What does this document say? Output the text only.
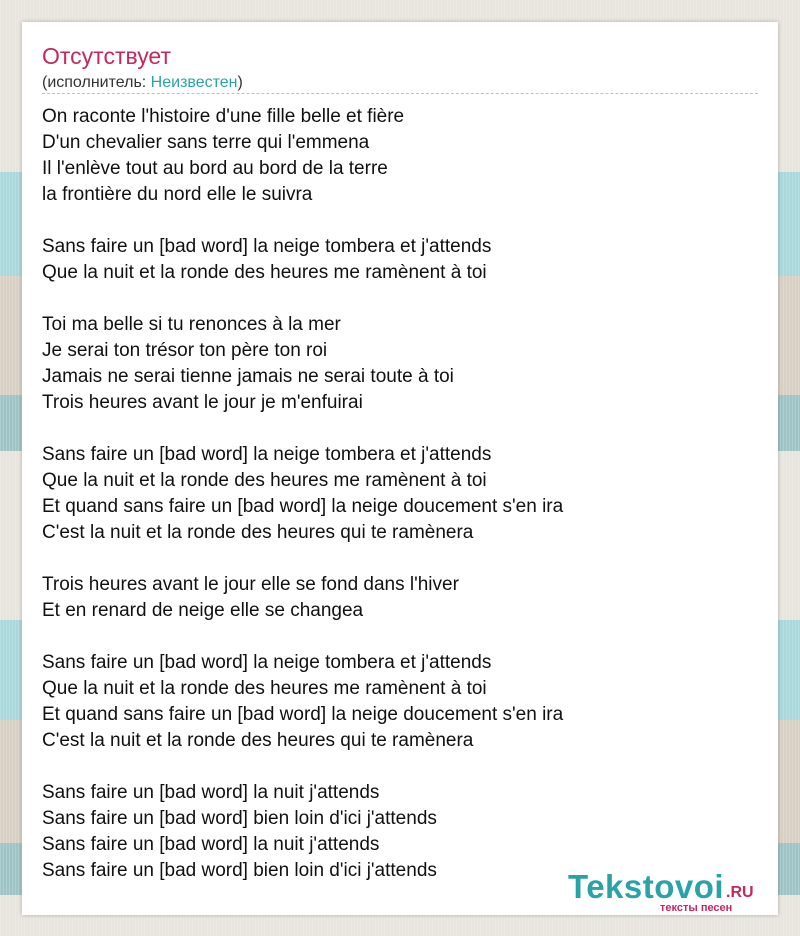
Отсутствует
(исполнитель: Неизвестен)
On raconte l'histoire d'une fille belle et fière
D'un chevalier sans terre qui l'emmena
Il l'enlève tout au bord au bord de la terre
la frontière du nord elle le suivra
Sans faire un [bad word] la neige tombera et j'attends
Que la nuit et la ronde des heures me ramènent à toi
Toi ma belle si tu renonces à la mer
Je serai ton trésor ton père ton roi
Jamais ne serai tienne jamais ne serai toute à toi
Trois heures avant le jour je m'enfuirai
Sans faire un [bad word] la neige tombera et j'attends
Que la nuit et la ronde des heures me ramènent à toi
Et quand sans faire un [bad word] la neige doucement s'en ira
C'est la nuit et la ronde des heures qui te ramènera
Trois heures avant le jour elle se fond dans l'hiver
Et en renard de neige elle se changea
Sans faire un [bad word] la neige tombera et j'attends
Que la nuit et la ronde des heures me ramènent à toi
Et quand sans faire un [bad word] la neige doucement s'en ira
C'est la nuit et la ronde des heures qui te ramènera
Sans faire un [bad word] la nuit j'attends
Sans faire un [bad word] bien loin d'ici j'attends
Sans faire un [bad word] la nuit j'attends
Sans faire un [bad word] bien loin d'ici j'attends	Tekstovoi .RU
тексты песен
